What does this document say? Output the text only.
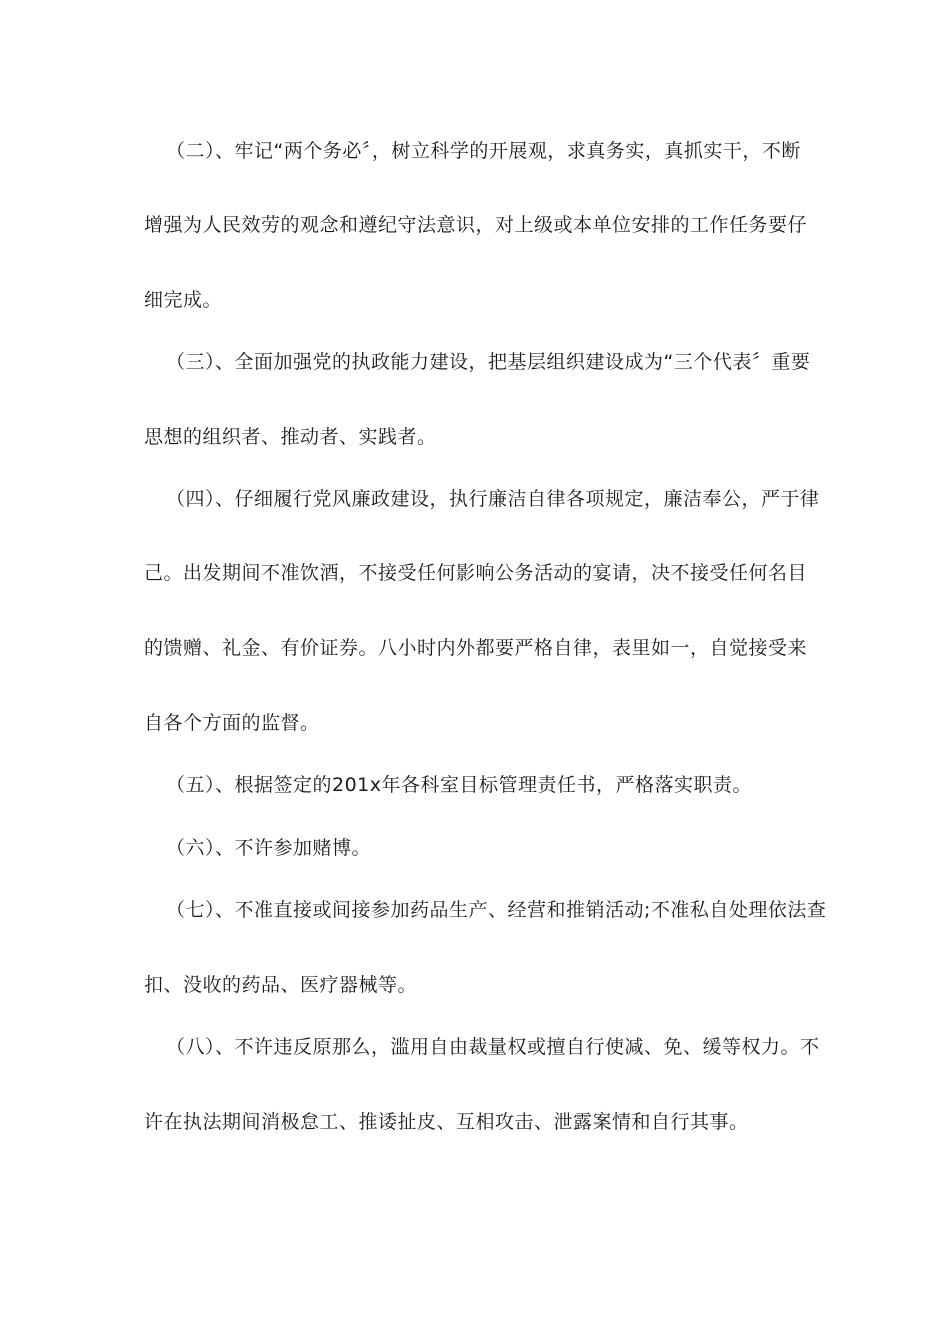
（二）、牢记“两个务必〞，树立科学的开展观，求真务实，真抓实干，不断
增强为人民效劳的观念和遵纪守法意识，对上级或本单位安排的工作任务要仔
细完成。
（三）、全面加强党的执政能力建设，把基层组织建设成为“三个代表〞重要
思想的组织者、推动者、实践者。
（四）、仔细履行党风廉政建设，执行廉洁自律各项规定，廉洁奉公，严于律
己。出发期间不准饮酒，不接受任何影响公务活动的宴请，决不接受任何名目
的馈赠、礼金、有价证券。八小时内外都要严格自律，表里如一，自觉接受来
自各个方面的监督。
（五）、根据签定的201x年各科室目标管理责任书，严格落实职责。
（六）、不许参加赌博。
（七）、不准直接或间接参加药品生产、经营和推销活动;不准私自处理依法查
扣、没收的药品、医疗器械等。
（八）、不许违反原那么，滥用自由裁量权或擅自行使减、免、缓等权力。不
许在执法期间消极怠工、推诿扯皮、互相攻击、泄露案情和自行其事。
